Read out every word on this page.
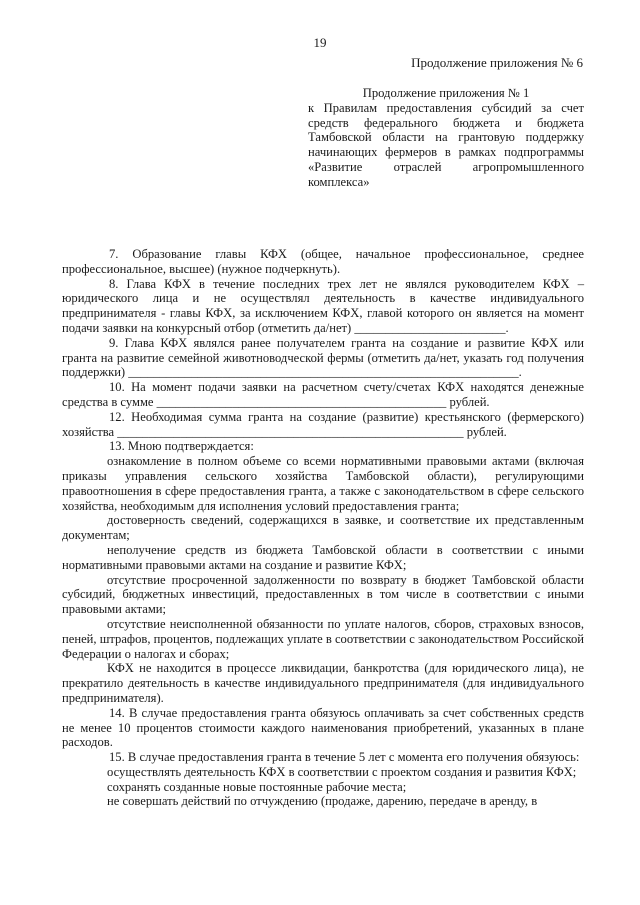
19
Продолжение приложения № 6
Продолжение приложения № 1
к Правилам предоставления субсидий за счет
средств федерального бюджета и бюджета
Тамбовской области на грантовую поддержку
начинающих фермеров в рамках подпрограммы
«Развитие отраслей агропромышленного
комплекса»

7. Образование главы КФХ (общее, начальное профессиональное, среднее профессиональное, высшее) (нужное подчеркнуть).

8. Глава КФХ в течение последних трех лет не являлся руководителем КФХ – юридического лица и не осуществлял деятельность в качестве индивидуального предпринимателя - главы КФХ, за исключением КФХ, главой которого он является на момент подачи заявки на конкурсный отбор (отметить да/нет) ________________________.

9. Глава КФХ являлся ранее получателем гранта на создание и развитие КФХ или гранта на развитие семейной животноводческой фермы (отметить да/нет, указать год получения поддержки) ______________________________________________________________.

10. На момент подачи заявки на расчетном счету/счетах КФХ находятся денежные средства в сумме ______________________________________________ рублей.

12. Необходимая сумма гранта на создание (развитие) крестьянского (фермерского) хозяйства _______________________________________________________ рублей.

13. Мною подтверждается:

ознакомление в полном объеме со всеми нормативными правовыми актами (включая приказы управления сельского хозяйства Тамбовской области), регулирующими правоотношения в сфере предоставления гранта, а также с законодательством в сфере сельского хозяйства, необходимым для исполнения условий предоставления гранта;

достоверность сведений, содержащихся в заявке, и соответствие их представленным документам;

неполучение средств из бюджета Тамбовской области в соответствии с иными нормативными правовыми актами на создание и развитие КФХ;

отсутствие просроченной задолженности по возврату в бюджет Тамбовской области субсидий, бюджетных инвестиций, предоставленных в том числе в соответствии с иными правовыми актами;

отсутствие неисполненной обязанности по уплате налогов, сборов, страховых взносов, пеней, штрафов, процентов, подлежащих уплате в соответствии с законодательством Российской Федерации о налогах и сборах;

КФХ не находится в процессе ликвидации, банкротства (для юридического лица), не прекратило деятельность в качестве индивидуального предпринимателя (для индивидуального предпринимателя).

14. В случае предоставления гранта обязуюсь оплачивать за счет собственных средств не менее 10 процентов стоимости каждого наименования приобретений, указанных в плане расходов.

15. В случае предоставления гранта в течение 5 лет с момента его получения обязуюсь:

осуществлять деятельность КФХ в соответствии с проектом создания и развития КФХ;

сохранять созданные новые постоянные рабочие места;

не совершать действий по отчуждению (продаже, дарению, передаче в аренду, в
